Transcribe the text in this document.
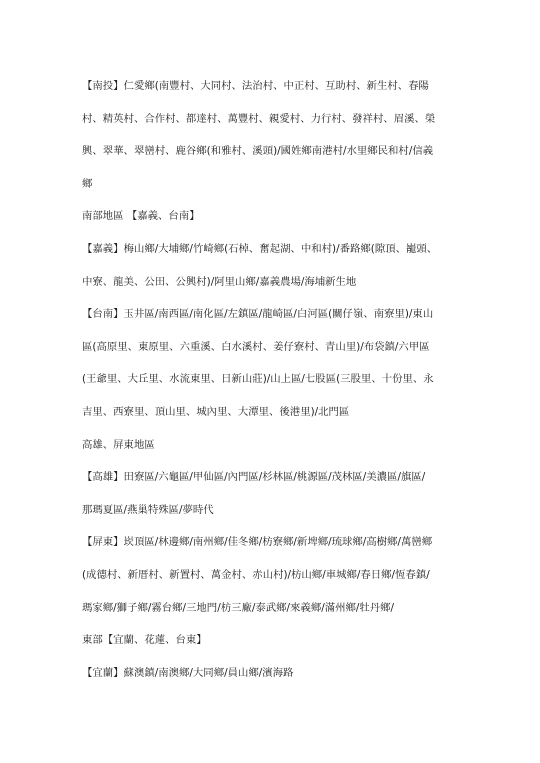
【南投】仁愛鄉(南豐村、大同村、法治村、中正村、互助村、新生村、春陽
村、精英村、合作村、都達村、萬豐村、親愛村、力行村、發祥村、眉溪、榮
興、翠華、翠巒村、鹿谷鄉(和雅村、溪頭)/國姓鄉南港村/水里鄉民和村/信義
鄉
南部地區 【嘉義、台南】
【嘉義】梅山鄉/大埔鄉/竹崎鄉(石棹、奮起湖、中和村)/番路鄉(隙頂、巃頭、
中寮、龍美、公田、公興村)/阿里山鄉/嘉義農場/海埔新生地
【台南】玉井區/南西區/南化區/左鎮區/龍崎區/白河區(關仔嶺、南寮里)/東山
區(高原里、東原里、六重溪、白水溪村、姜仔寮村、青山里)/布袋鎮/六甲區
(王爺里、大丘里、水流東里、日新山莊)/山上區/七股區(三股里、十份里、永
吉里、西寮里、頂山里、城內里、大潭里、後港里)/北門區
高雄、屏東地區
【高雄】田寮區/六龜區/甲仙區/內門區/杉林區/桃源區/茂林區/美濃區/旗區/
那瑪夏區/燕巢特殊區/夢時代
【屏東】崁頂區/林邊鄉/南州鄉/佳冬鄉/枋寮鄉/新埤鄉/琉球鄉/高樹鄉/萬巒鄉
(成德村、新厝村、新置村、萬金村、赤山村)/枋山鄉/車城鄉/春日鄉/恆春鎮/
瑪家鄉/獅子鄉/霧台鄉/三地門/枋三廠/泰武鄉/來義鄉/滿州鄉/牡丹鄉/
東部【宜蘭、花蓮、台東】
【宜蘭】蘇澳鎮/南澳鄉/大同鄉/員山鄉/濱海路
